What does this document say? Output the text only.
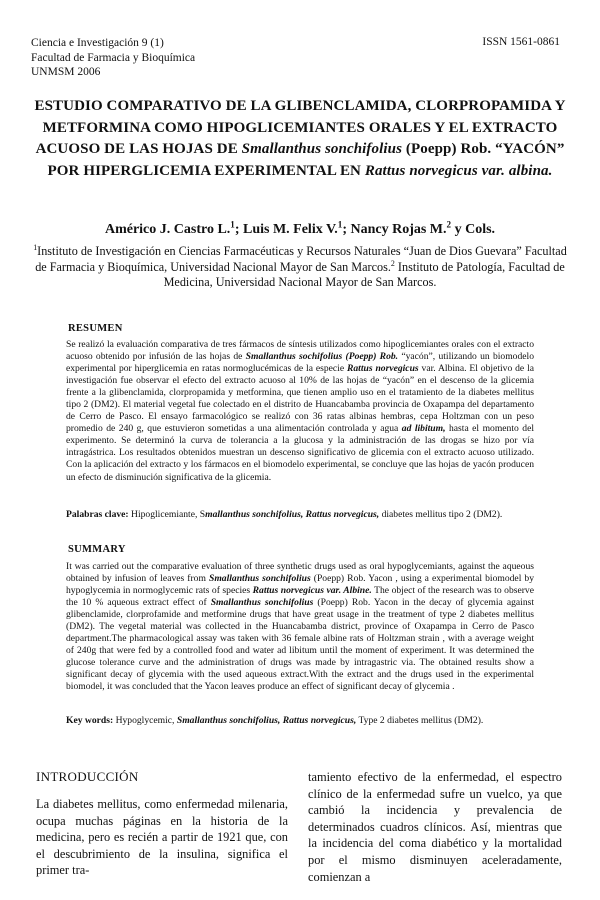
Ciencia e Investigación 9 (1)
Facultad de Farmacia y Bioquímica
UNMSM 2006
ISSN 1561-0861
ESTUDIO COMPARATIVO DE LA GLIBENCLAMIDA, CLORPROPAMIDA Y METFORMINA COMO HIPOGLICEMIANTES ORALES Y EL EXTRACTO ACUOSO DE LAS HOJAS DE Smallanthus sonchifolius (Poepp) Rob. “YACÓN” POR HIPERGLICEMIA EXPERIMENTAL EN Rattus norvegicus var. albina.
Américo J. Castro L.$^1$; Luis M. Felix V.$^1$; Nancy Rojas M.$^2$ y Cols.
$^1$Instituto de Investigación en Ciencias Farmacéuticas y Recursos Naturales “Juan de Dios Guevara” Facultad de Farmacia y Bioquímica, Universidad Nacional Mayor de San Marcos.$^2$ Instituto de Patología, Facultad de Medicina, Universidad Nacional Mayor de San Marcos.
RESUMEN
Se realizó la evaluación comparativa de tres fármacos de síntesis utilizados como hipoglicemiantes orales con el extracto acuoso obtenido por infusión de las hojas de Smallanthus sochifolius (Poepp) Rob. “yacón”, utilizando un biomodelo experimental por hiperglicemia en ratas normoglucémicas de la especie Rattus norvegicus var. Albina. El objetivo de la investigación fue observar el efecto del extracto acuoso al 10% de las hojas de “yacón” en el descenso de la glicemia frente a la glibenclamida, clorpropamida y metformina, que tienen amplio uso en el tratamiento de la diabetes mellitus tipo 2 (DM2). El material vegetal fue colectado en el distrito de Huancabamba provincia de Oxapampa del departamento de Cerro de Pasco. El ensayo farmacológico se realizó con 36 ratas albinas hembras, cepa Holtzman con un peso promedio de 240 g, que estuvieron sometidas a una alimentación controlada y agua ad libitum, hasta el momento del experimento. Se determinó la curva de tolerancia a la glucosa y la administración de las drogas se hizo por vía intragástrica. Los resultados obtenidos muestran un descenso significativo de glicemia con el extracto acuoso utilizado. Con la aplicación del extracto y los fármacos en el biomodelo experimental, se concluye que las hojas de yacón producen un efecto de disminución significativa de la glicemia.
Palabras clave: Hipoglicemiante, Smallanthus sonchifolius, Rattus norvegicus, diabetes mellitus tipo 2 (DM2).
SUMMARY
It was carried out the comparative evaluation of three synthetic drugs used as oral hypoglycemiants, against the aqueous obtained by infusion of leaves from Smallanthus sonchifolius (Poepp) Rob. Yacon , using a experimental biomodel by hypoglycemia in normoglycemic rats of species Rattus norvegicus var. Albine. The object of the research was to observe the 10 % aqueous extract effect of Smallanthus sonchifolius (Poepp) Rob. Yacon in the decay of glycemia against glibenclamide, clorprofamide and metformine drugs that have great usage in the treatment of type 2 diabetes mellitus (DM2). The vegetal material was collected in the Huancabamba district, province of Oxapampa in Cerro de Pasco department.The pharmacological assay was taken with 36 female albine rats of Holtzman strain , with a average weight of 240g that were fed by a controlled food and water ad libitum until the moment of experiment. It was determined the glucose tolerance curve and the administration of drugs was made by intragastric via. The obtained results show a significant decay of glycemia with the used aqueous extract.With the extract and the drugs used in the experimental biomodel, it was concluded that the Yacon leaves produce an effect of significant decay of glycemia .
Key words: Hypoglycemic, Smallanthus sonchifolius, Rattus norvegicus, Type 2 diabetes mellitus (DM2).
INTRODUCCIÓN
La diabetes mellitus, como enfermedad milenaria, ocupa muchas páginas en la historia de la medicina, pero es recién a partir de 1921 que, con el descubrimiento de la insulina, significa el primer tra-
tamiento efectivo de la enfermedad, el espectro clínico de la enfermedad sufre un vuelco, ya que cambió la incidencia y prevalencia de determinados cuadros clínicos. Así, mientras que la incidencia del coma diabético y la mortalidad por el mismo disminuyen aceleradamente, comienzan a
